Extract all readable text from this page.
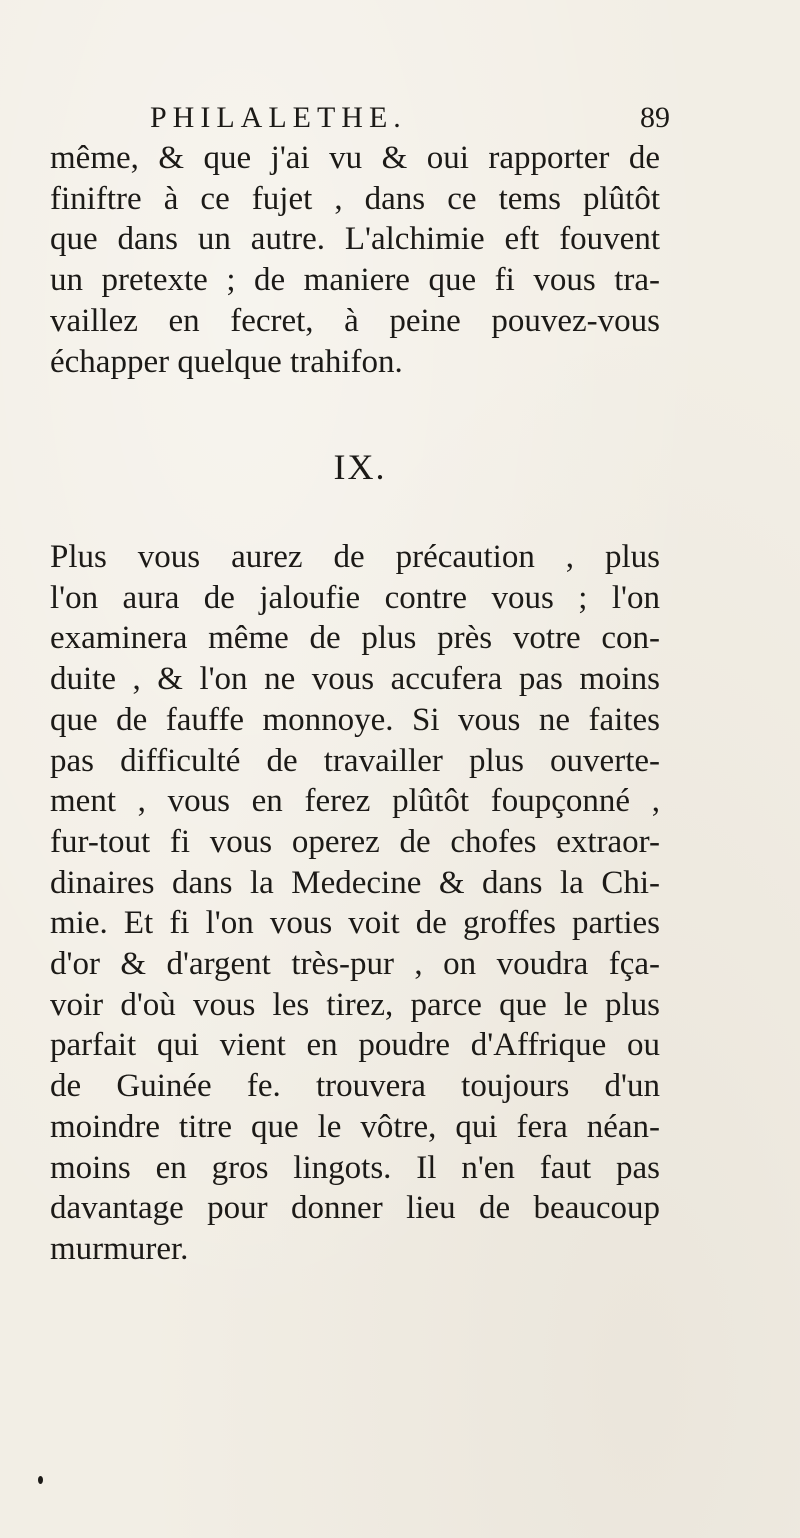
PHILALETHE.	89

même, & que j'ai vu & oui rapporter de
finiftre à ce fujet , dans ce tems plûtôt
que dans un autre. L'alchimie eft fouvent
un pretexte ; de maniere que fi vous tra-
vaillez en fecret, à peine pouvez-vous
échapper quelque trahifon.

IX.

Plus vous aurez de précaution , plus
l'on aura de jaloufie contre vous ; l'on
examinera même de plus près votre con-
duite , & l'on ne vous accufera pas moins
que de fauffe monnoye. Si vous ne faites
pas difficulté de travailler plus ouverte-
ment , vous en ferez plûtôt foupçonné ,
fur-tout fi vous operez de chofes extraor-
dinaires dans la Medecine & dans la Chi-
mie. Et fi l'on vous voit de groffes parties
d'or & d'argent très-pur , on voudra fça-
voir d'où vous les tirez, parce que le plus
parfait qui vient en poudre d'Affrique ou
de Guinée fe. trouvera toujours d'un
moindre titre que le vôtre, qui fera néan-
moins en gros lingots. Il n'en faut pas
davantage pour donner lieu de beaucoup
murmurer.
